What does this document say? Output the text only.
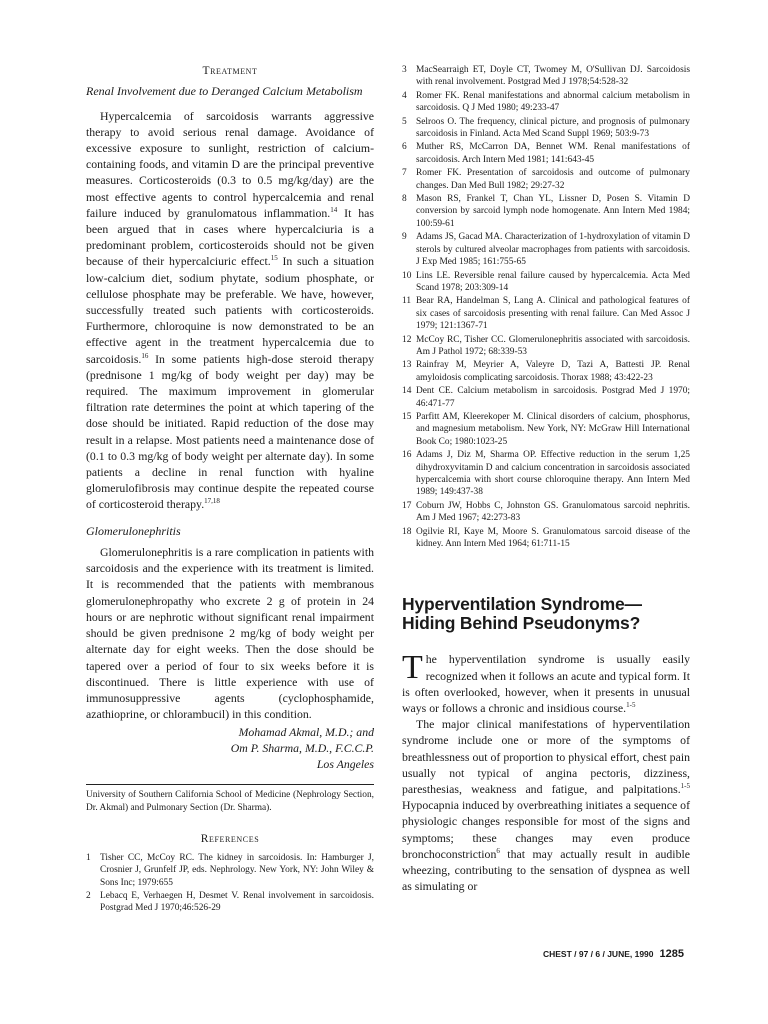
Treatment
Renal Involvement due to Deranged Calcium Metabolism

Hypercalcemia of sarcoidosis warrants aggressive therapy to avoid serious renal damage. Avoidance of excessive exposure to sunlight, restriction of calcium-containing foods, and vitamin D are the principal preventive measures. Corticosteroids (0.3 to 0.5 mg/kg/day) are the most effective agents to control hypercalcemia and renal failure induced by granulomatous inflammation.$^{14}$ It has been argued that in cases where hypercalciuria is a predominant problem, corticosteroids should not be given because of their hypercalciuric effect.$^{15}$ In such a situation low-calcium diet, sodium phytate, sodium phosphate, or cellulose phosphate may be preferable. We have, however, successfully treated such patients with corticosteroids. Furthermore, chloroquine is now demonstrated to be an effective agent in the treatment hypercalcemia due to sarcoidosis.$^{16}$ In some patients high-dose steroid therapy (prednisone 1 mg/kg of body weight per day) may be required. The maximum improvement in glomerular filtration rate determines the point at which tapering of the dose should be initiated. Rapid reduction of the dose may result in a relapse. Most patients need a maintenance dose of (0.1 to 0.3 mg/kg of body weight per alternate day). In some patients a decline in renal function with hyaline glomerulofibrosis may continue despite the repeated course of corticosteroid therapy.$^{17,18}$

Glomerulonephritis

Glomerulonephritis is a rare complication in patients with sarcoidosis and the experience with its treatment is limited. It is recommended that the patients with membranous glomerulonephropathy who excrete 2 g of protein in 24 hours or are nephrotic without significant renal impairment should be given prednisone 2 mg/kg of body weight per alternate day for eight weeks. Then the dose should be tapered over a period of four to six weeks before it is discontinued. There is little experience with use of immunosuppressive agents (cyclophosphamide, azathioprine, or chlorambucil) in this condition.

Mohamad Akmal, M.D.; and
Om P. Sharma, M.D., F.C.C.P.
Los Angeles

University of Southern California School of Medicine (Nephrology Section, Dr. Akmal) and Pulmonary Section (Dr. Sharma).

References
1 Tisher CC, McCoy RC. The kidney in sarcoidosis. In: Hamburger J, Crosnier J, Grunfelf JP, eds. Nephrology. New York, NY: John Wiley & Sons Inc; 1979:655
2 Lebacq E, Verhaegen H, Desmet V. Renal involvement in sarcoidosis. Postgrad Med J 1970;46:526-29
3 MacSearraigh ET, Doyle CT, Twomey M, O'Sullivan DJ. Sarcoidosis with renal involvement. Postgrad Med J 1978;54:528-32
4 Romer FK. Renal manifestations and abnormal calcium metabolism in sarcoidosis. Q J Med 1980; 49:233-47
5 Selroos O. The frequency, clinical picture, and prognosis of pulmonary sarcoidosis in Finland. Acta Med Scand Suppl 1969; 503:9-73
6 Muther RS, McCarron DA, Bennet WM. Renal manifestations of sarcoidosis. Arch Intern Med 1981; 141:643-45
7 Romer FK. Presentation of sarcoidosis and outcome of pulmonary changes. Dan Med Bull 1982; 29:27-32
8 Mason RS, Frankel T, Chan YL, Lissner D, Posen S. Vitamin D conversion by sarcoid lymph node homogenate. Ann Intern Med 1984; 100:59-61
9 Adams JS, Gacad MA. Characterization of 1-hydroxylation of vitamin D sterols by cultured alveolar macrophages from patients with sarcoidosis. J Exp Med 1985; 161:755-65
10 Lins LE. Reversible renal failure caused by hypercalcemia. Acta Med Scand 1978; 203:309-14
11 Bear RA, Handelman S, Lang A. Clinical and pathological features of six cases of sarcoidosis presenting with renal failure. Can Med Assoc J 1979; 121:1367-71
12 McCoy RC, Tisher CC. Glomerulonephritis associated with sarcoidosis. Am J Pathol 1972; 68:339-53
13 Rainfray M, Meyrier A, Valeyre D, Tazi A, Battesti JP. Renal amyloidosis complicating sarcoidosis. Thorax 1988; 43:422-23
14 Dent CE. Calcium metabolism in sarcoidosis. Postgrad Med J 1970; 46:471-77
15 Parfitt AM, Kleerekoper M. Clinical disorders of calcium, phosphorus, and magnesium metabolism. New York, NY: McGraw Hill International Book Co; 1980:1023-25
16 Adams J, Diz M, Sharma OP. Effective reduction in the serum 1,25 dihydroxyvitamin D and calcium concentration in sarcoidosis associated hypercalcemia with short course chloroquine therapy. Ann Intern Med 1989; 149:437-38
17 Coburn JW, Hobbs C, Johnston GS. Granulomatous sarcoid nephritis. Am J Med 1967; 42:273-83
18 Ogilvie RI, Kaye M, Moore S. Granulomatous sarcoid disease of the kidney. Ann Intern Med 1964; 61:711-15
Hyperventilation Syndrome—
Hiding Behind Pseudonyms?

The hyperventilation syndrome is usually easily recognized when it follows an acute and typical form. It is often overlooked, however, when it presents in unusual ways or follows a chronic and insidious course.$^{1-5}$

The major clinical manifestations of hyperventilation syndrome include one or more of the symptoms of breathlessness out of proportion to physical effort, chest pain usually not typical of angina pectoris, dizziness, paresthesias, weakness and fatigue, and palpitations.$^{1-5}$ Hypocapnia induced by overbreathing initiates a sequence of physiologic changes responsible for most of the signs and symptoms; these changes may even produce bronchoconstriction$^6$ that may actually result in audible wheezing, contributing to the sensation of dyspnea as well as simulating or

CHEST / 97 / 6 / JUNE, 1990 1285
